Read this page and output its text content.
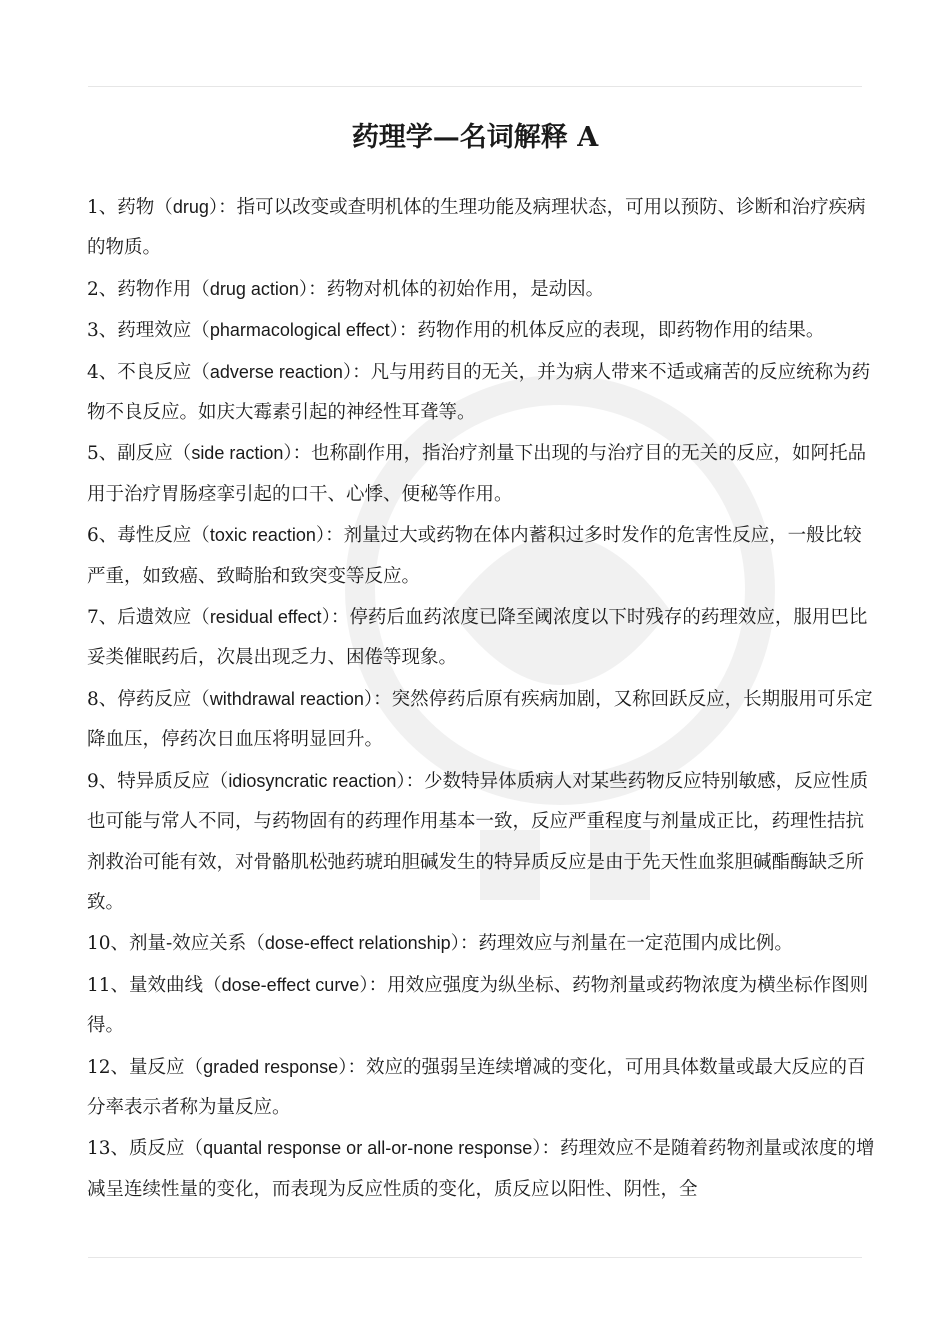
药理学—名词解释 A

1、药物（drug）：指可以改变或查明机体的生理功能及病理状态，可用以预防、诊断和治疗疾病的物质。

2、药物作用（drug action）：药物对机体的初始作用，是动因。

3、药理效应（pharmacological effect）：药物作用的机体反应的表现，即药物作用的结果。

4、不良反应（adverse reaction）：凡与用药目的无关，并为病人带来不适或痛苦的反应统称为药物不良反应。如庆大霉素引起的神经性耳聋等。

5、副反应（side raction）：也称副作用，指治疗剂量下出现的与治疗目的无关的反应，如阿托品用于治疗胃肠痉挛引起的口干、心悸、便秘等作用。

6、毒性反应（toxic reaction）：剂量过大或药物在体内蓄积过多时发作的危害性反应，一般比较严重，如致癌、致畸胎和致突变等反应。

7、后遗效应（residual effect）：停药后血药浓度已降至阈浓度以下时残存的药理效应，服用巴比妥类催眠药后，次晨出现乏力、困倦等现象。

8、停药反应（withdrawal reaction）：突然停药后原有疾病加剧，又称回跃反应，长期服用可乐定降血压，停药次日血压将明显回升。

9、特异质反应（idiosyncratic reaction）：少数特异体质病人对某些药物反应特别敏感，反应性质也可能与常人不同，与药物固有的药理作用基本一致，反应严重程度与剂量成正比，药理性拮抗剂救治可能有效，对骨骼肌松弛药琥珀胆碱发生的特异质反应是由于先天性血浆胆碱酯酶缺乏所致。

10、剂量-效应关系（dose-effect relationship）：药理效应与剂量在一定范围内成比例。

11、量效曲线（dose-effect curve）：用效应强度为纵坐标、药物剂量或药物浓度为横坐标作图则得。

12、量反应（graded response）：效应的强弱呈连续增减的变化，可用具体数量或最大反应的百分率表示者称为量反应。

13、质反应（quantal response or all-or-none response）：药理效应不是随着药物剂量或浓度的增减呈连续性量的变化，而表现为反应性质的变化，质反应以阳性、阴性，全
